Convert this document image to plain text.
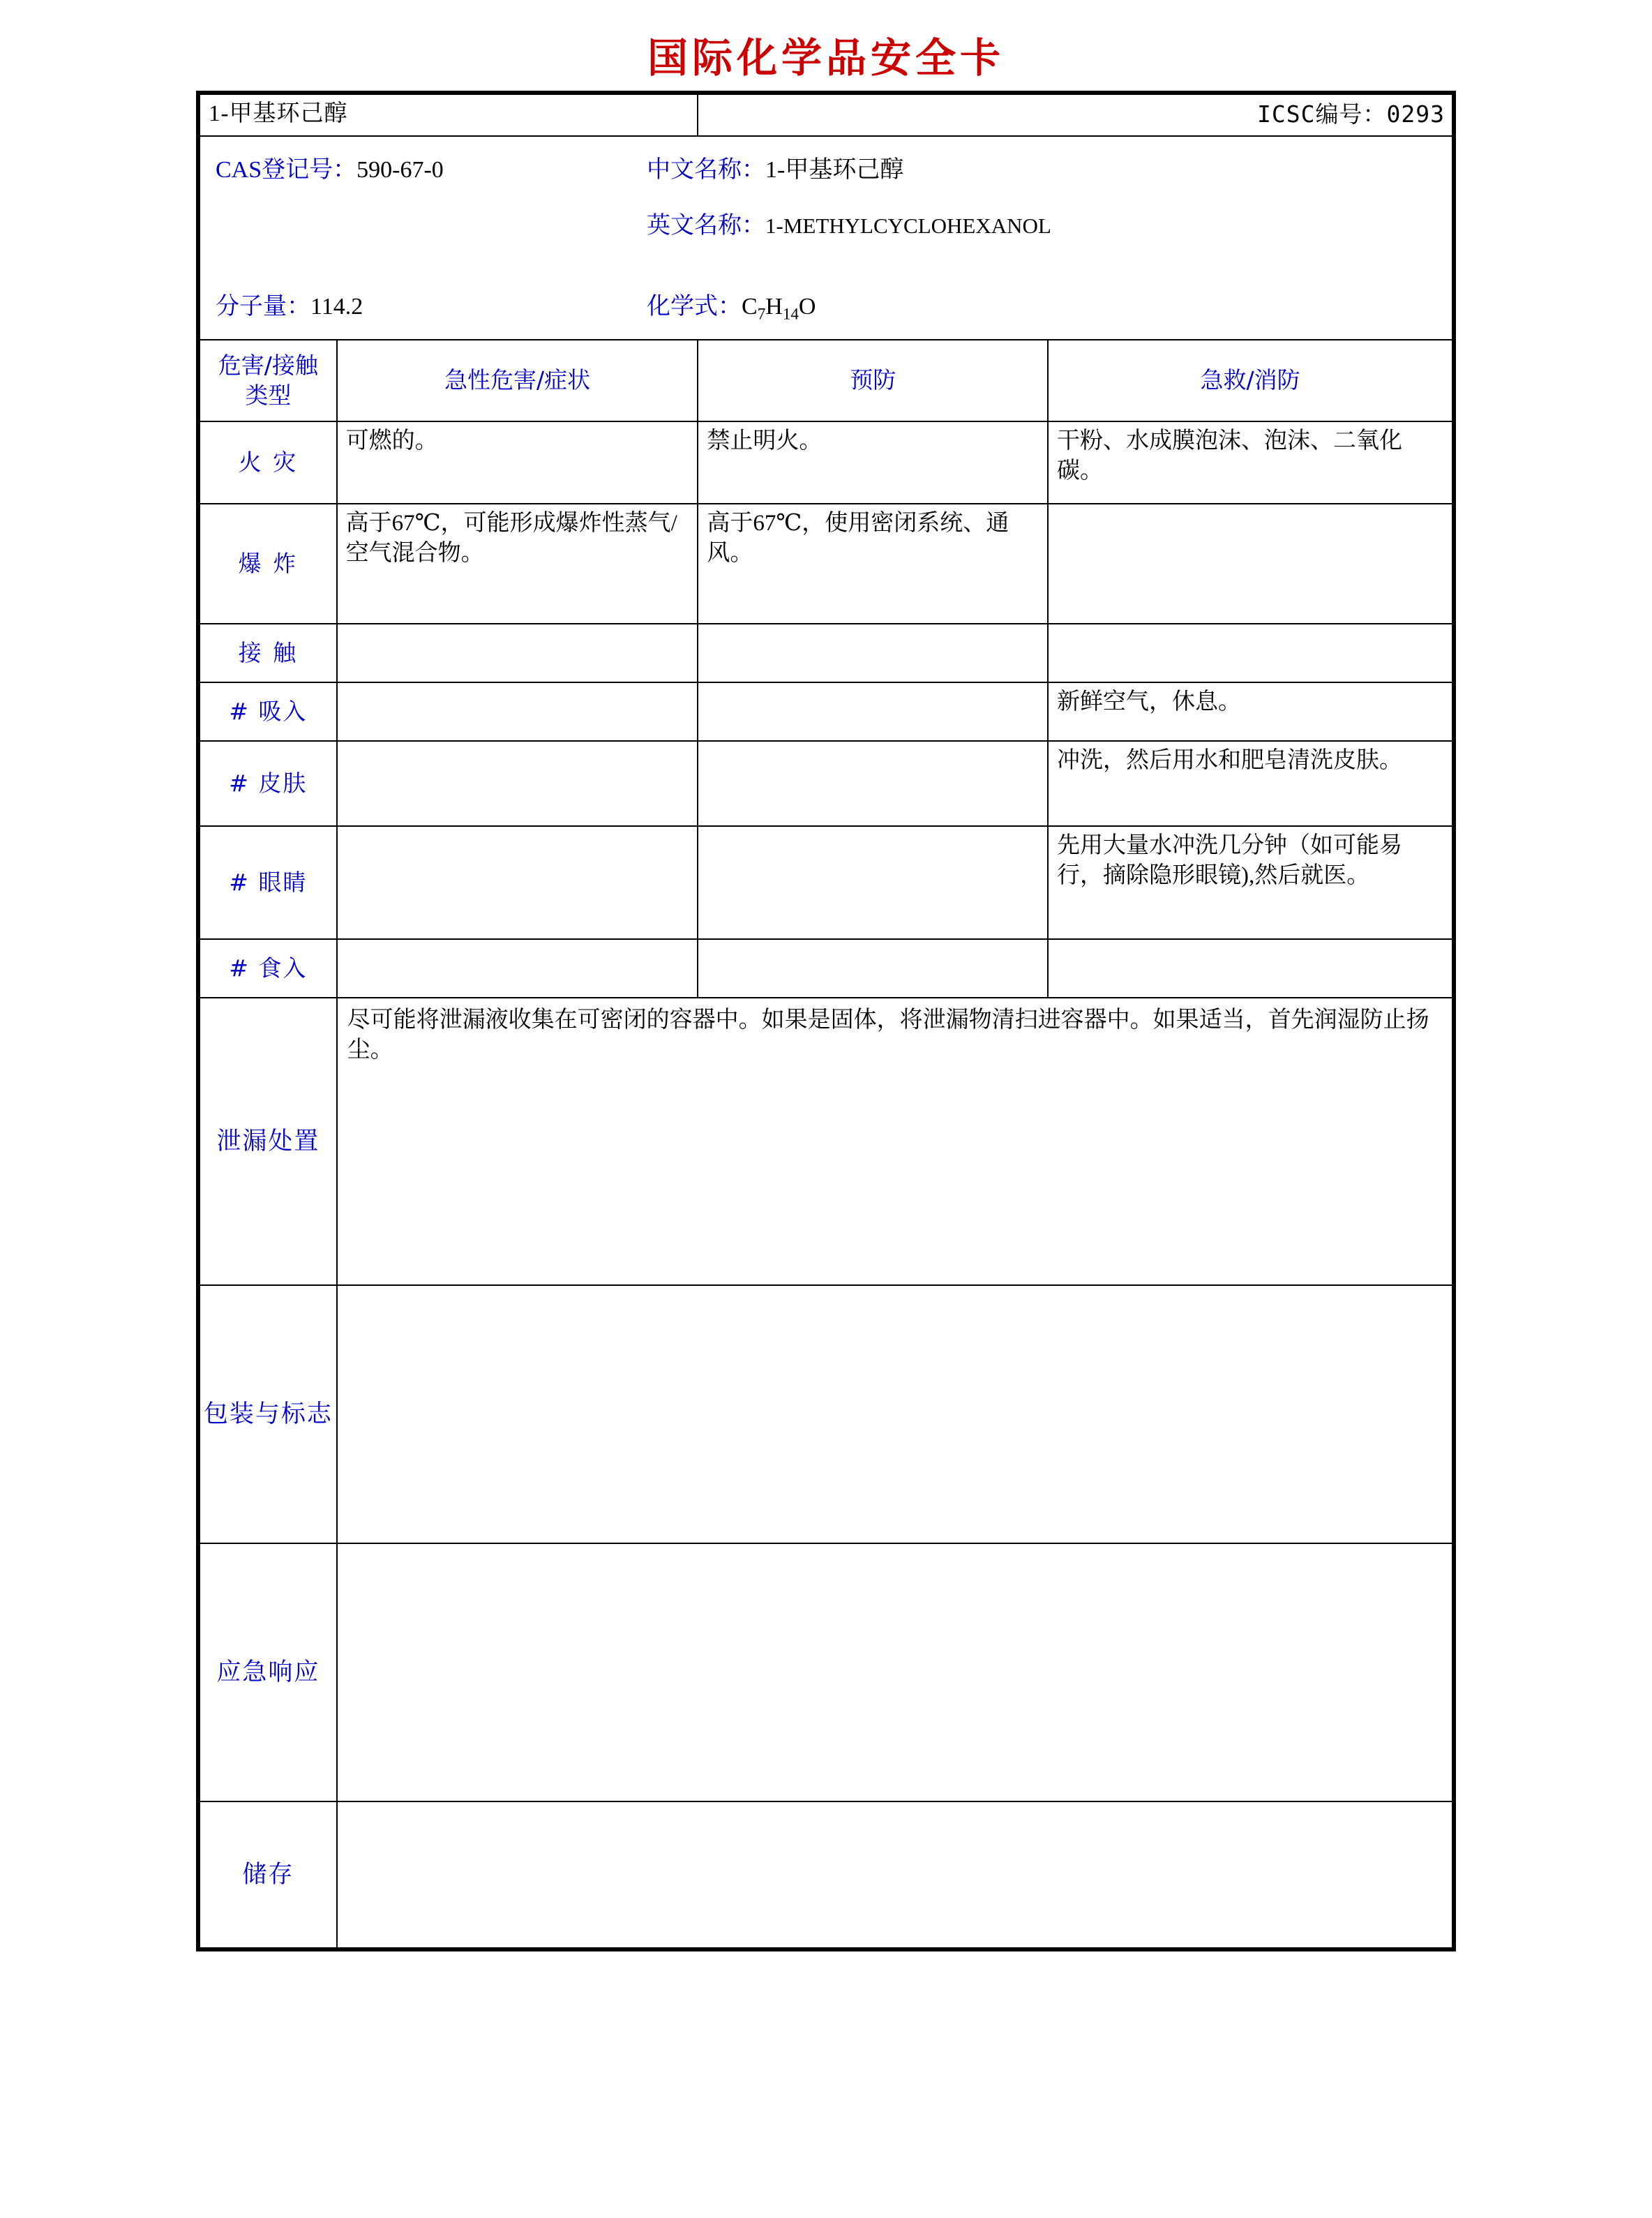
国际化学品安全卡
1-甲基环己醇		ICSC编号：0293	

CAS登记号：590-67-0 中文名称：1-甲基环己醇
英文名称：1-METHYLCYCLOHEXANOL
分子量：114.2 化学式：$C_7H_{14}O$			

危害/接触
类型	急性危害/症状	预防	急救/消防
火 灾	可燃的。	禁止明火。	干粉、水成膜泡沫、泡沫、二氧化碳。
爆 炸	高于67℃，可能形成爆炸性蒸气/空气混合物。	高于67℃，使用密闭系统、通风。	
接 触			
# 吸入			新鲜空气，休息。
# 皮肤			冲洗，然后用水和肥皂清洗皮肤。
# 眼睛			先用大量水冲洗几分钟（如可能易行，摘除隐形眼镜),然后就医。
# 食入			
泄漏处置	尽可能将泄漏液收集在可密闭的容器中。如果是固体，将泄漏物清扫进容器中。如果适当，首先润湿防止扬尘。		
包装与标志			
应急响应			
储存			
